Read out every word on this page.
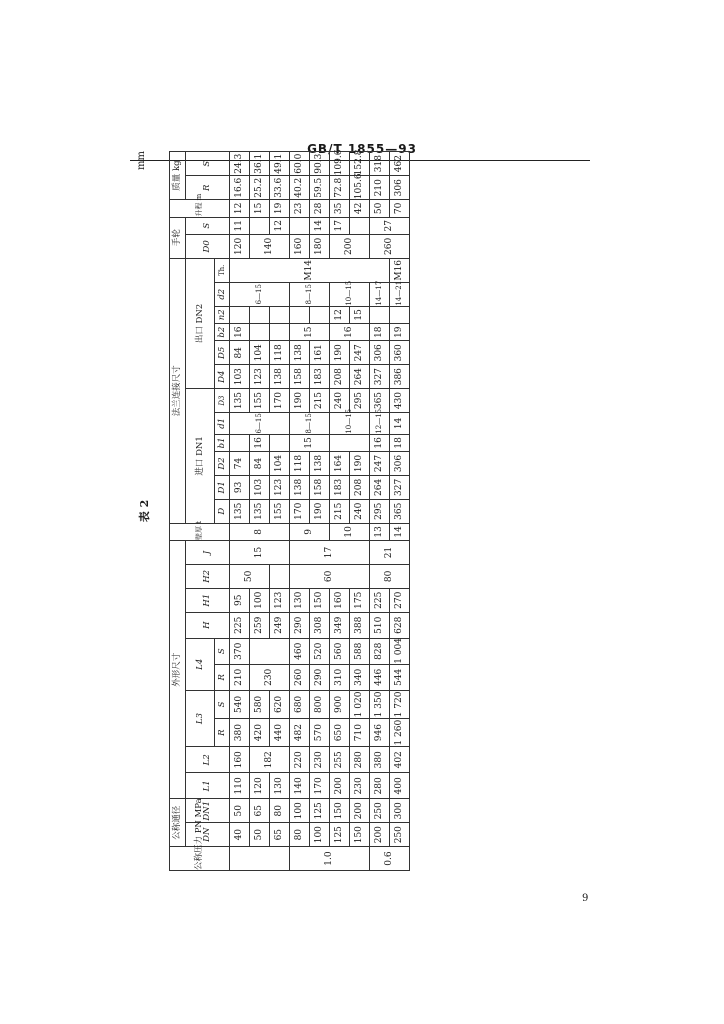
GB/T 1855—93
9
表 2
mm
公称压力 PN MPa	公称通径		外形尺寸										壁厚 t	法兰连接尺寸												手轮		升程 m	质量 kg	
	DN	DN1	L1	L2	L3		L4		H	H1	H2	J		进口 DN1						出口 DN2						D0	S		R	S
					R	S	R	S						D	D1	D2	b1	d1	D3	D4	D5	b2	n2	d2	Th.					
	40	50	110	160	380	540	210	370	225	95	50	15	8	135	93	74		6—15	135	103	84	16		6—15	M14	120	11	12	16.6	24.3
	50	65	120	182	420	580	230		259	100				135	103	84	16		155	123	104					140		15	25.2	36.1
	65	80	130		440	620			249	123				155	123	104			170	138	118						12	19	33.6	49.1
1.0	80	100	140	220	482	680	260	460	290	130	60	17	9	170	138	118	15	8—15	190	158	138	15		8—15		160		23	40.2	60.0
	100	125	170	230	570	800	290	520	308	150				190	158	138			215	183	161					180	14	28	59.5	90.3
	125	150	200	255	650	900	310	560	349	160			10	215	183	164		10—15	240	208	190	16	12	10—15		200	17	35	72.8	109.6
	150	200	230	280	710	1 020	340	588	388	175				240	208	190			295	264	247		15					42	105.6	152.8
0.6	200	250	280	380	946	1 350	446	828	510	225	80	21	13	295	264	247	16	12—15	365	327	306	18		14—17		260	27	50	210	318
	250	300	400	402	1 260	1 720	544	1 004	628	270			14	365	327	306	18	14	430	386	360	19		14—21	M16			70	306	462
